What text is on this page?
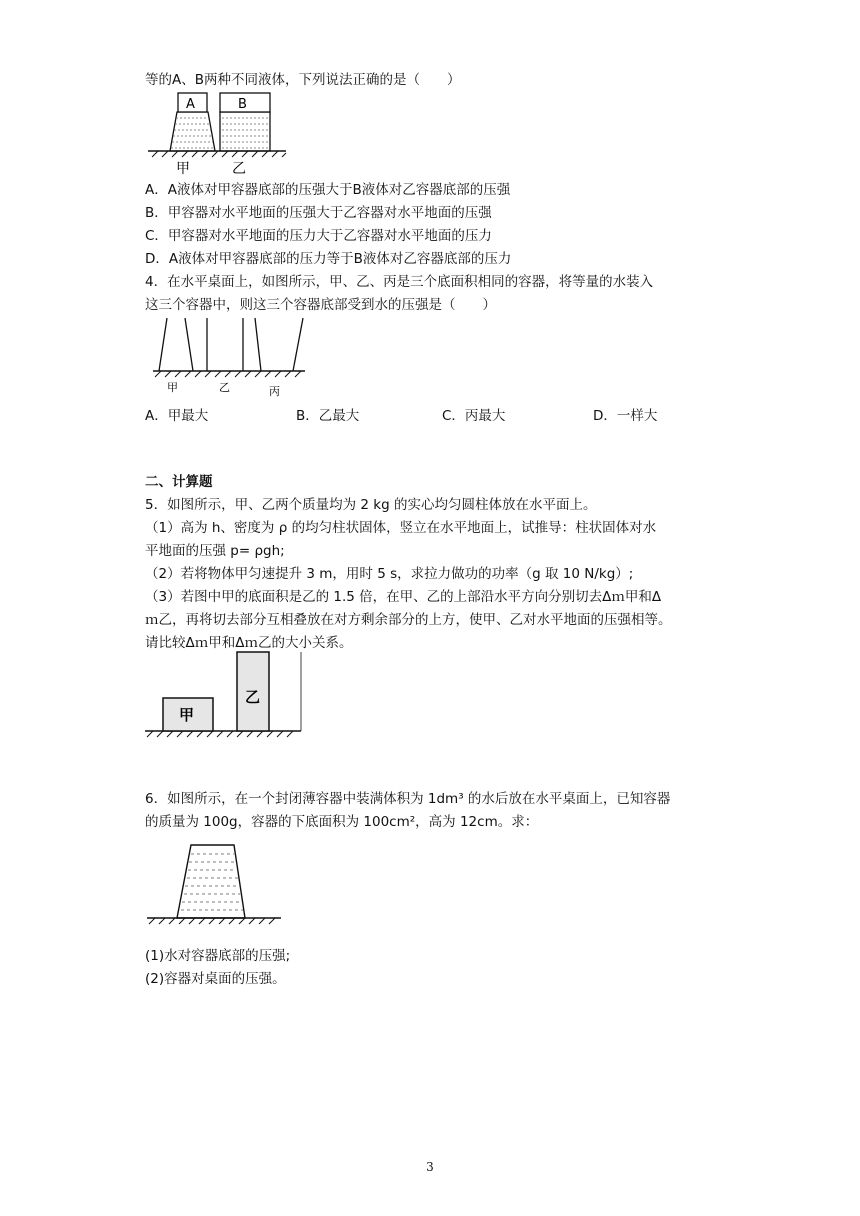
等的A、B两种不同液体，下列说法正确的是（　　）
A	B
甲	乙
A．A液体对甲容器底部的压强大于B液体对乙容器底部的压强
B．甲容器对水平地面的压强大于乙容器对水平地面的压强
C．甲容器对水平地面的压力大于乙容器对水平地面的压力
D．A液体对甲容器底部的压力等于B液体对乙容器底部的压力
4．在水平桌面上，如图所示，甲、乙、丙是三个底面积相同的容器，将等量的水装入
这三个容器中，则这三个容器底部受到水的压强是（　　）
甲	乙	丙
A．甲最大	B．乙最大	C．丙最大	D．一样大
二、计算题
5．如图所示，甲、乙两个质量均为 2 kg 的实心均匀圆柱体放在水平面上。
（1）高为 h、密度为 ρ 的均匀柱状固体，竖立在水平地面上，试推导：柱状固体对水
平地面的压强 p= ρgh;
（2）若将物体甲匀速提升 3 m，用时 5 s，求拉力做功的功率（g 取 10 N/kg）;
（3）若图中甲的底面积是乙的 1.5 倍，在甲、乙的上部沿水平方向分别切去Δｍ甲和Δ
ｍ乙，再将切去部分互相叠放在对方剩余部分的上方，使甲、乙对水平地面的压强相等。
请比较Δｍ甲和Δｍ乙的大小关系。
甲
乙
6．如图所示，在一个封闭薄容器中装满体积为 1dm³ 的水后放在水平桌面上，已知容器
的质量为 100g，容器的下底面积为 100cm²，高为 12cm。求：
(1)水对容器底部的压强;
(2)容器对桌面的压强。
3
